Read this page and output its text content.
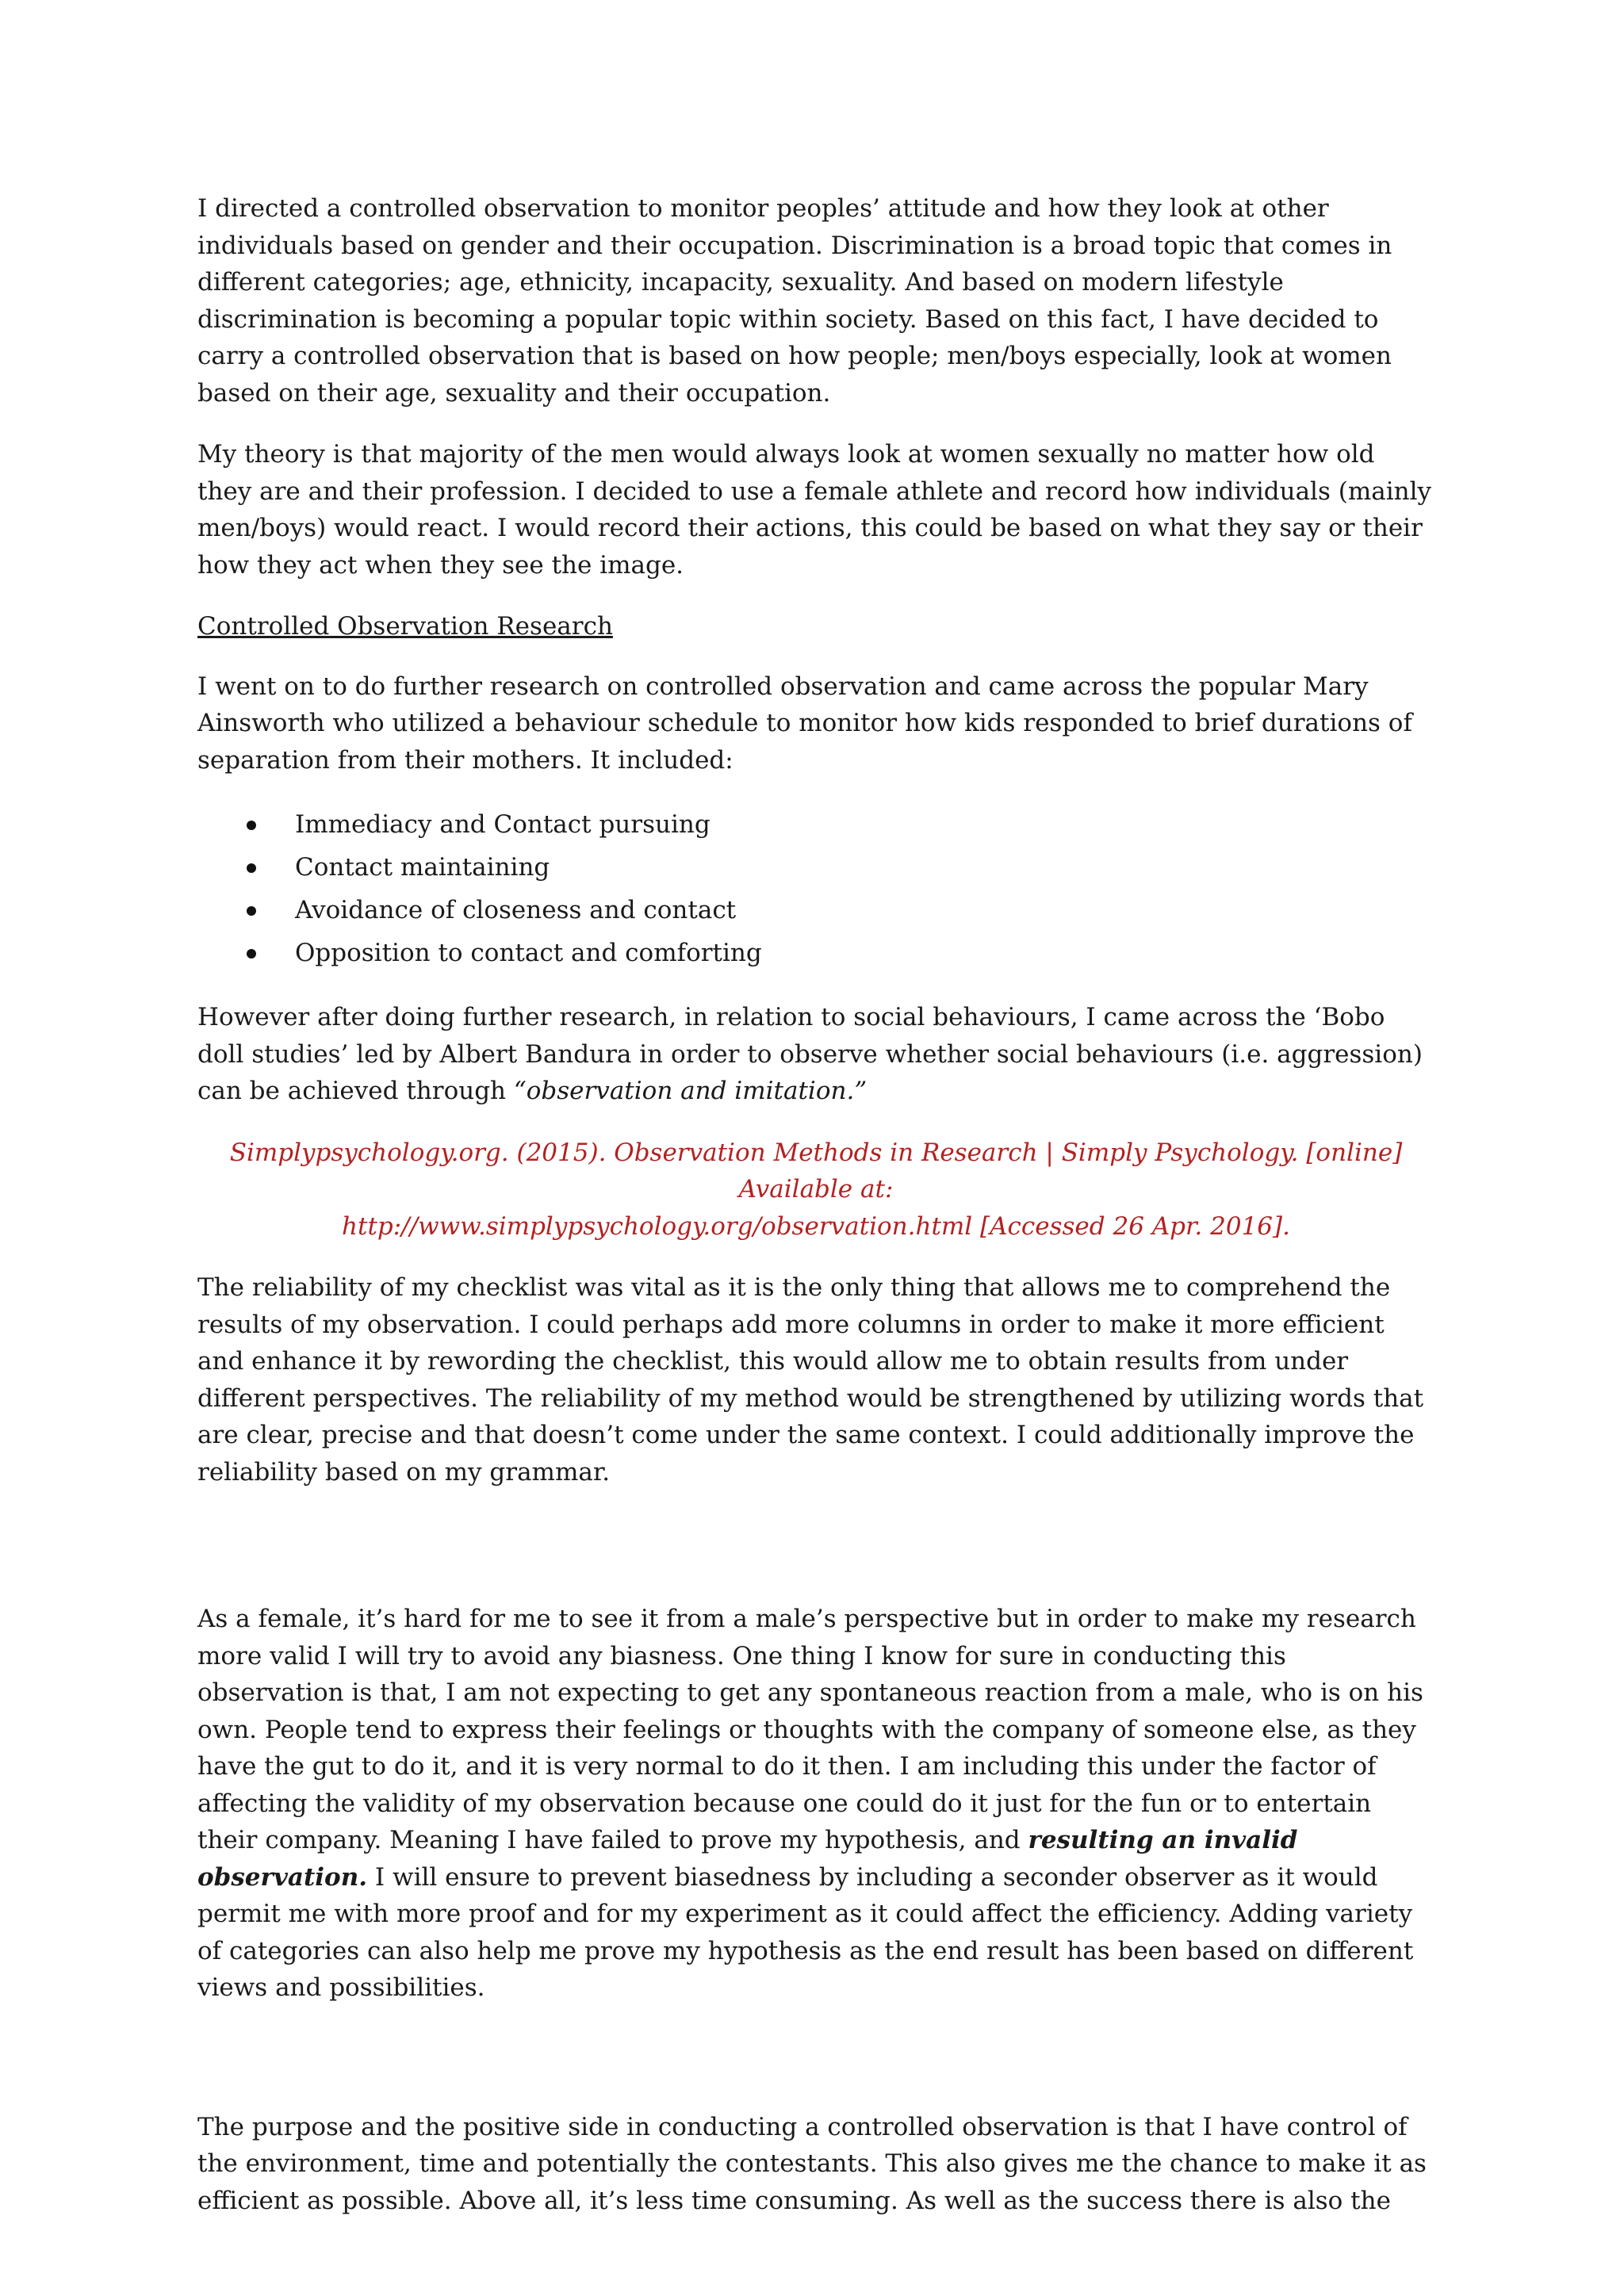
I directed a controlled observation to monitor peoples’ attitude and how they look at other individuals based on gender and their occupation. Discrimination is a broad topic that comes in different categories; age, ethnicity, incapacity, sexuality. And based on modern lifestyle discrimination is becoming a popular topic within society. Based on this fact, I have decided to carry a controlled observation that is based on how people; men/boys especially, look at women based on their age, sexuality and their occupation.

My theory is that majority of the men would always look at women sexually no matter how old they are and their profession. I decided to use a female athlete and record how individuals (mainly men/boys) would react. I would record their actions, this could be based on what they say or their how they act when they see the image.

Controlled Observation Research

I went on to do further research on controlled observation and came across the popular Mary Ainsworth who utilized a behaviour schedule to monitor how kids responded to brief durations of separation from their mothers. It included:

Immediacy and Contact pursuing
Contact maintaining
Avoidance of closeness and contact
Opposition to contact and comforting

However after doing further research, in relation to social behaviours, I came across the ‘Bobo doll studies’ led by Albert Bandura in order to observe whether social behaviours (i.e. aggression) can be achieved through “observation and imitation.”

Simplypsychology.org. (2015). Observation Methods in Research | Simply Psychology. [online] Available at:
http://www.simplypsychology.org/observation.html [Accessed 26 Apr. 2016].

The reliability of my checklist was vital as it is the only thing that allows me to comprehend the results of my observation. I could perhaps add more columns in order to make it more efficient and enhance it by rewording the checklist, this would allow me to obtain results from under different perspectives. The reliability of my method would be strengthened by utilizing words that are clear, precise and that doesn’t come under the same context. I could additionally improve the reliability based on my grammar.

As a female, it’s hard for me to see it from a male’s perspective but in order to make my research more valid I will try to avoid any biasness. One thing I know for sure in conducting this observation is that, I am not expecting to get any spontaneous reaction from a male, who is on his own. People tend to express their feelings or thoughts with the company of someone else, as they have the gut to do it, and it is very normal to do it then. I am including this under the factor of affecting the validity of my observation because one could do it just for the fun or to entertain their company. Meaning I have failed to prove my hypothesis, and resulting an invalid observation. I will ensure to prevent biasedness by including a seconder observer as it would permit me with more proof and for my experiment as it could affect the efficiency. Adding variety of categories can also help me prove my hypothesis as the end result has been based on different views and possibilities.

The purpose and the positive side in conducting a controlled observation is that I have control of the environment, time and potentially the contestants. This also gives me the chance to make it as efficient as possible. Above all, it’s less time consuming. As well as the success there is also the
